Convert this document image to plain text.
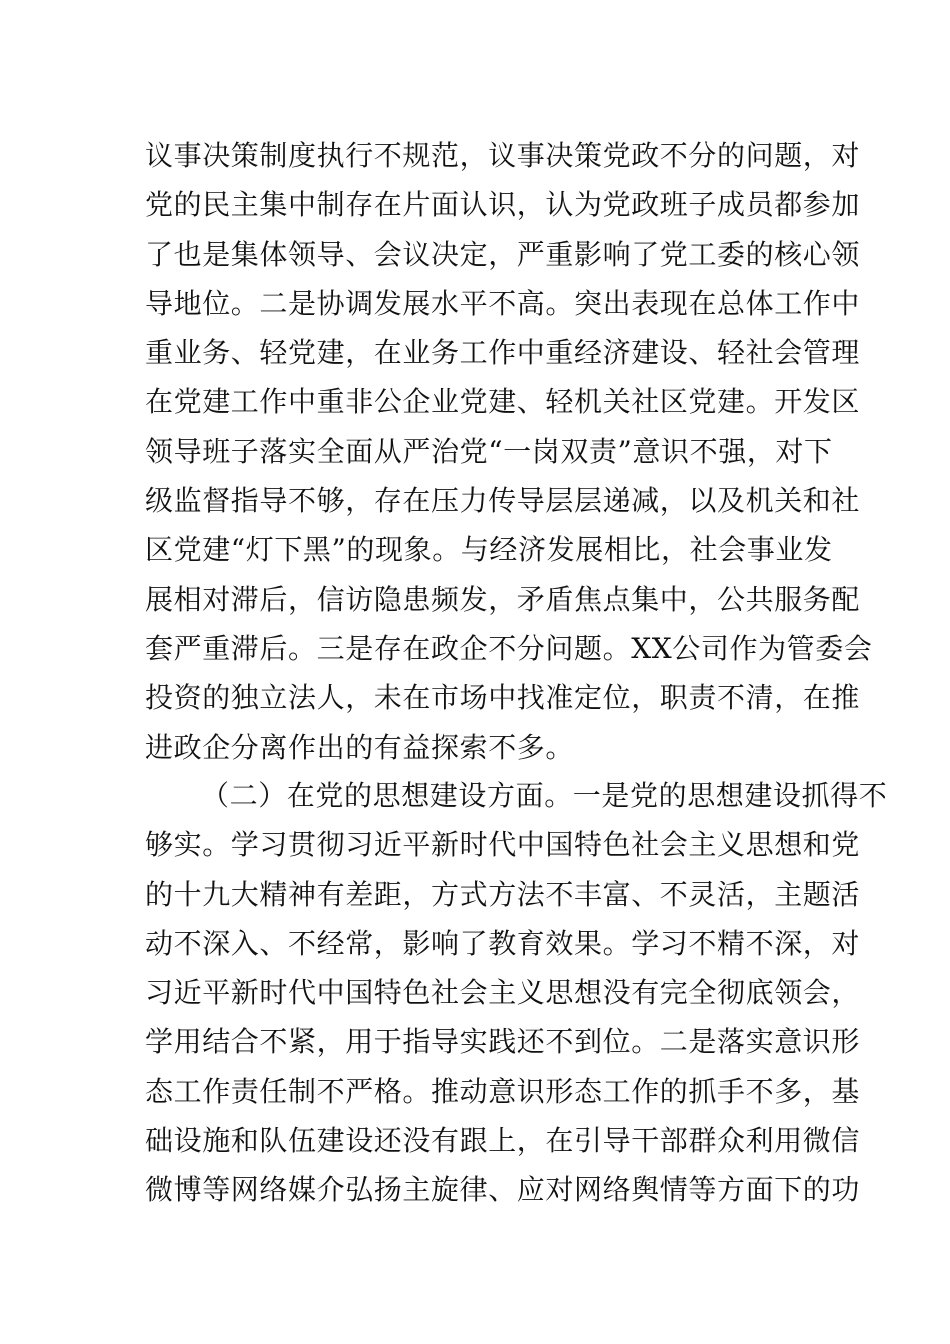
议事决策制度执行不规范，议事决策党政不分的问题，对
党的民主集中制存在片面认识，认为党政班子成员都参加
了也是集体领导、会议决定，严重影响了党工委的核心领
导地位。二是协调发展水平不高。突出表现在总体工作中
重业务、轻党建，在业务工作中重经济建设、轻社会管理
在党建工作中重非公企业党建、轻机关社区党建。开发区
领导班子落实全面从严治党“一岗双责”意识不强，对下
级监督指导不够，存在压力传导层层递减，以及机关和社
区党建“灯下黑”的现象。与经济发展相比，社会事业发
展相对滞后，信访隐患频发，矛盾焦点集中，公共服务配
套严重滞后。三是存在政企不分问题。XX公司作为管委会
投资的独立法人，未在市场中找准定位，职责不清，在推
进政企分离作出的有益探索不多。
（二）在党的思想建设方面。一是党的思想建设抓得不
够实。学习贯彻习近平新时代中国特色社会主义思想和党
的十九大精神有差距，方式方法不丰富、不灵活，主题活
动不深入、不经常，影响了教育效果。学习不精不深，对
习近平新时代中国特色社会主义思想没有完全彻底领会，
学用结合不紧，用于指导实践还不到位。二是落实意识形
态工作责任制不严格。推动意识形态工作的抓手不多，基
础设施和队伍建设还没有跟上，在引导干部群众利用微信
微博等网络媒介弘扬主旋律、应对网络舆情等方面下的功
